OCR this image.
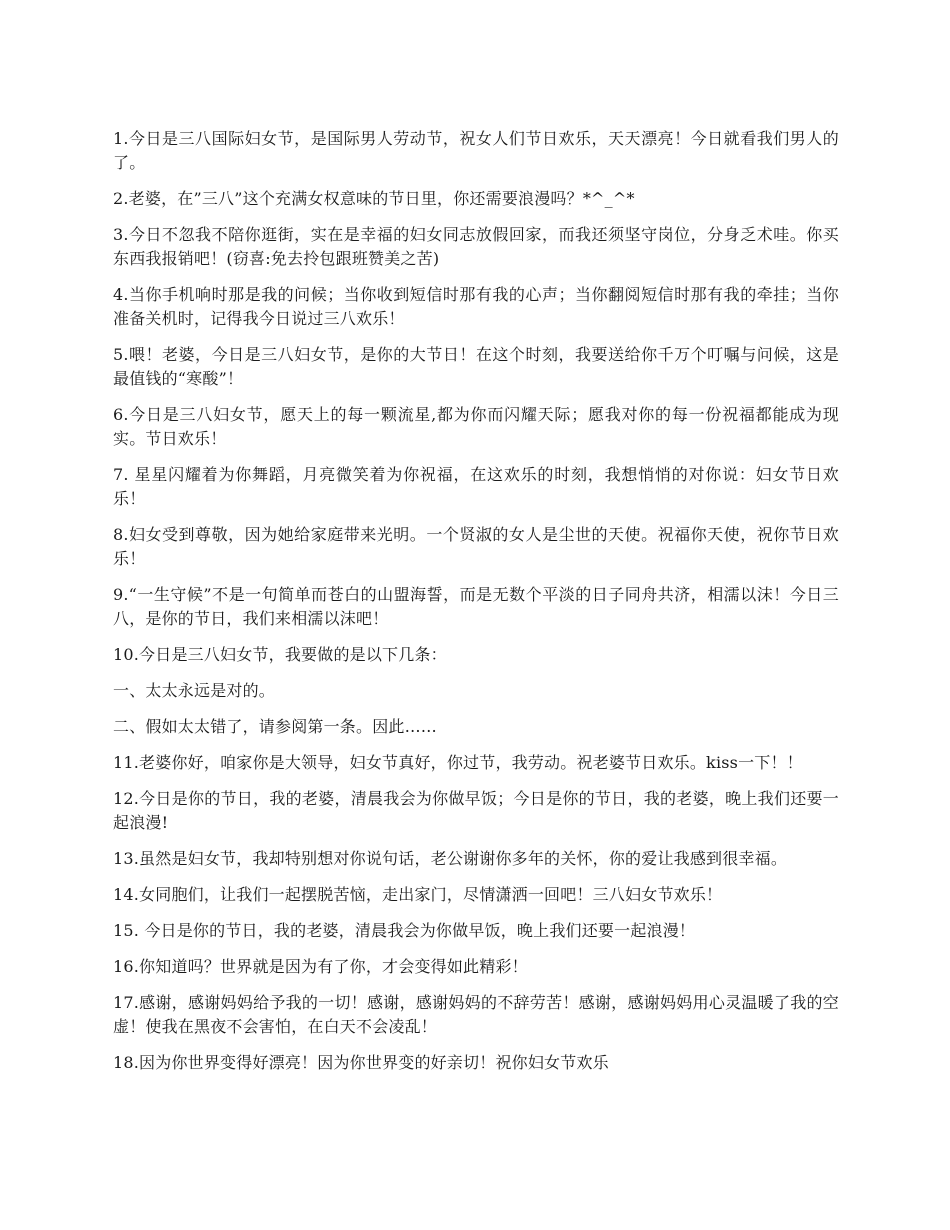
1.今日是三八国际妇女节，是国际男人劳动节，祝女人们节日欢乐，天天漂亮！今日就看我们男人的了。

2.老婆，在”三八”这个充满女权意味的节日里，你还需要浪漫吗？*^_^*

3.今日不忽我不陪你逛街，实在是幸福的妇女同志放假回家，而我还须坚守岗位，分身乏术哇。你买东西我报销吧！(窃喜:免去拎包跟班赞美之苦)

4.当你手机响时那是我的问候；当你收到短信时那有我的心声；当你翻阅短信时那有我的牵挂；当你准备关机时，记得我今日说过三八欢乐！

5.喂！老婆，今日是三八妇女节，是你的大节日！在这个时刻，我要送给你千万个叮嘱与问候，这是最值钱的“寒酸”！

6.今日是三八妇女节，愿天上的每一颗流星,都为你而闪耀天际；愿我对你的每一份祝福都能成为现实。节日欢乐！

7. 星星闪耀着为你舞蹈，月亮微笑着为你祝福，在这欢乐的时刻，我想悄悄的对你说：妇女节日欢乐！

8.妇女受到尊敬，因为她给家庭带来光明。一个贤淑的女人是尘世的天使。祝福你天使，祝你节日欢乐！

9.“一生守候”不是一句简单而苍白的山盟海誓，而是无数个平淡的日子同舟共济，相濡以沫！今日三八，是你的节日，我们来相濡以沫吧！

10.今日是三八妇女节，我要做的是以下几条：

一、太太永远是对的。

二、假如太太错了，请参阅第一条。因此……

11.老婆你好，咱家你是大领导，妇女节真好，你过节，我劳动。祝老婆节日欢乐。kiss一下！！

12.今日是你的节日，我的老婆，清晨我会为你做早饭；今日是你的节日，我的老婆，晚上我们还要一起浪漫!

13.虽然是妇女节，我却特别想对你说句话，老公谢谢你多年的关怀，你的爱让我感到很幸福。

14.女同胞们，让我们一起摆脱苦恼，走出家门，尽情潇洒一回吧！三八妇女节欢乐！

15. 今日是你的节日，我的老婆，清晨我会为你做早饭，晚上我们还要一起浪漫！

16.你知道吗？世界就是因为有了你，才会变得如此精彩！

17.感谢，感谢妈妈给予我的一切！感谢，感谢妈妈的不辞劳苦！感谢，感谢妈妈用心灵温暖了我的空虚！使我在黑夜不会害怕，在白天不会凌乱！

18.因为你世界变得好漂亮！因为你世界变的好亲切！祝你妇女节欢乐
